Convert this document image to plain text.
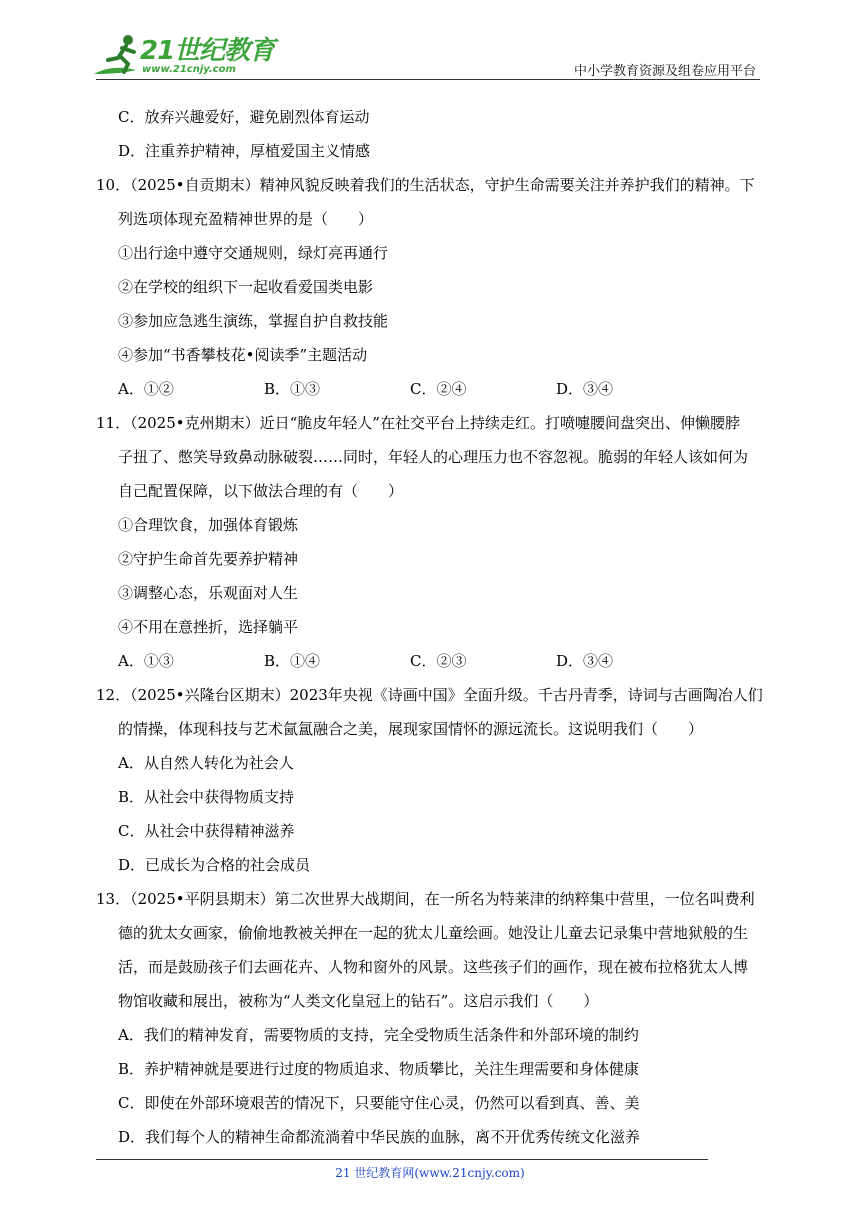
21世纪教育
www.21cnjy.com	中小学教育资源及组卷应用平台
C．放弃兴趣爱好，避免剧烈体育运动
D．注重养护精神，厚植爱国主义情感
10．（2025•自贡期末）精神风貌反映着我们的生活状态，守护生命需要关注并养护我们的精神。下
列选项体现充盈精神世界的是（　　）
①出行途中遵守交通规则，绿灯亮再通行
②在学校的组织下一起收看爱国类电影
③参加应急逃生演练，掌握自护自救技能
④参加“书香攀枝花•阅读季”主题活动
A．①②	B．①③	C．②④	D．③④
11．（2025•克州期末）近日“脆皮年轻人”在社交平台上持续走红。打喷嚏腰间盘突出、伸懒腰脖
子扭了、憋笑导致鼻动脉破裂……同时，年轻人的心理压力也不容忽视。脆弱的年轻人该如何为
自己配置保障，以下做法合理的有（　　）
①合理饮食，加强体育锻炼
②守护生命首先要养护精神
③调整心态，乐观面对人生
④不用在意挫折，选择躺平
A．①③	B．①④	C．②③	D．③④
12．（2025•兴隆台区期末）2023年央视《诗画中国》全面升级。千古丹青季，诗词与古画陶冶人们
的情操，体现科技与艺术氤氲融合之美，展现家国情怀的源远流长。这说明我们（　　）
A．从自然人转化为社会人
B．从社会中获得物质支持
C．从社会中获得精神滋养
D．已成长为合格的社会成员
13．（2025•平阴县期末）第二次世界大战期间，在一所名为特莱津的纳粹集中营里，一位名叫费利
德的犹太女画家，偷偷地教被关押在一起的犹太儿童绘画。她没让儿童去记录集中营地狱般的生
活，而是鼓励孩子们去画花卉、人物和窗外的风景。这些孩子们的画作，现在被布拉格犹太人博
物馆收藏和展出，被称为“人类文化皇冠上的钻石”。这启示我们（　　）
A．我们的精神发育，需要物质的支持，完全受物质生活条件和外部环境的制约
B．养护精神就是要进行过度的物质追求、物质攀比，关注生理需要和身体健康
C．即使在外部环境艰苦的情况下，只要能守住心灵，仍然可以看到真、善、美
D．我们每个人的精神生命都流淌着中华民族的血脉，离不开优秀传统文化滋养
21 世纪教育网(www.21cnjy.com)
